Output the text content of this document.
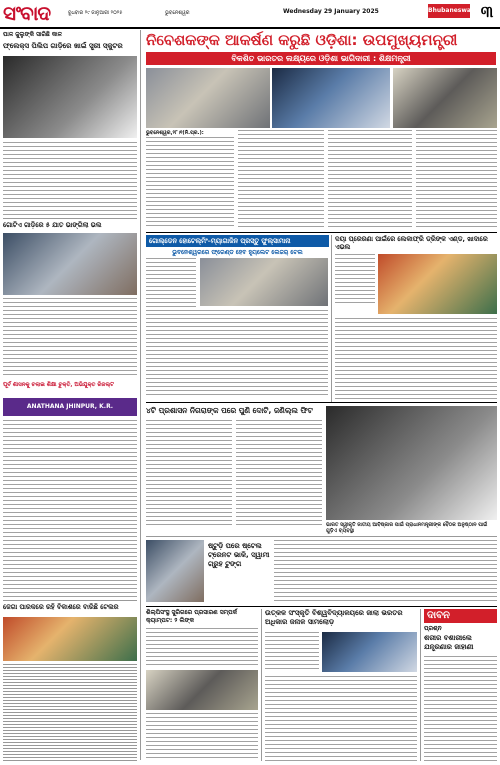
ସଂବାଦ	ବୁଧବାର ୨୯ ଜାନୁଆରୀ ୨୦୨୫	ଭୁବନେଶ୍ୱର	Wednesday 29 January 2025	Bhubaneswar ୩
ପାଳ ଜୁଲୁଙ୍କି ସାରିଛି କାଳ
ଫ୍ଲେକ୍ସ ପିଲିପ ଗାଡ଼ିରେ ଖାଇଁ ସ୍ତ୍ରୀ ସ୍କୁଟର
ଗୋଟିଏ ଗାଡ଼ିରେ ୫ ଯାତ ଭାଙ୍ଗିଲା ଭଲ
ପୂର୍ବ ଶାସନକୁ ଚଲାଇ ଶିକ୍ଷା ଚୁକ୍ତି, ଅଭିଯୁକ୍ତ ରିଜଲ୍ଟ
ANATHANA JHINPUR, K.R.
ଜେଗା ପାରକରେ ରହି ବିକାଶରେ ବାରିଛି ଟେଲର
ନିବେଶକଙ୍କ ଆକର୍ଷଣ କରୁଛି ଓଡ଼ିଶା: ଉପମୁଖ୍ୟମନ୍ତ୍ରୀ
ବିକଶିତ ଭାରତର ଲକ୍ଷ୍ୟରେ ଓଡ଼ିଶା ଭାଗିଦାରୀ : ଶିକ୍ଷମନ୍ତ୍ରୀ
ଭୁବନେଶ୍ୱର,୨୮।୧(ନି.ପ୍ର.):
ଗୋଲ୍ଡେନ ହୋଟେଲ୍ମିଂ–ମ୍ୟାଗାଜିନ ପ୍ରସ୍ତୁ ଫୁଲ୍ସାମାନା
ଭୁବନେଶ୍ୱରରେ ଫ୍ରେଣ୍ଡ ହେବ ହ୍ୟୁଲେଟ ଲେଜର୍ ଟେଲ
ଦୟା ପ୍ରେରଣା ପାଇଁରେ ଲେକାଫ୍ରି ଡ୍ରିଙ୍କ ଏଣ୍ଡ, ଖାଦାରେ ଏଭଲ
୪ଟି ପ୍ରଶାସନ ନିଗରାଙ୍କ ପରେ ପୁଣି ଦୋଟି, ଜଣିଲ୍ଲ ଫିଟ
ଭାରତ ସ୍ୱୀକୃତି ଜାତୀୟ ଆବିଷ୍କାର ପାଇଁ ପ୍ରାଧାନମନ୍ତ୍ରୀଙ୍କ ବୈଠକ ଅନୁଷ୍ଠାନ ପାଇଁ ଗୁଡ଼ିଏ ବ୍ୟବସ୍ଥା
ଷ୍ଟୁଡ଼ି ପରେ ଷ୍ଟେଲ ଟ୍ରେନଟ ଭାକି, ସ୍ୱାମୀ ଗ୍ରୁହ ଟୁଙ୍ଗ
ଶିଲ୍ପିସଂସ୍ଥ ସୁରିଗରେ ପ୍ରସାରଣ ସମ୍ପର୍କ କ୍ୟାମ୍ପଟ: ୨ ଲିଙ୍କ
ଉତ୍କଳ ସଂସ୍କୃତି ବିଶ୍ୱବିଦ୍ୟାଳୟରେ ଜାଲା ଭରତର ଅଧିକାର ଜନାଳ ସାମଲୋଡ଼
ଦାବନ
ପ୍ରଶ୍ନ
ଶରୀର ବଶାରୀଲେ ଯନ୍ତ୍ରଣାର ଜାହାଣୀ
